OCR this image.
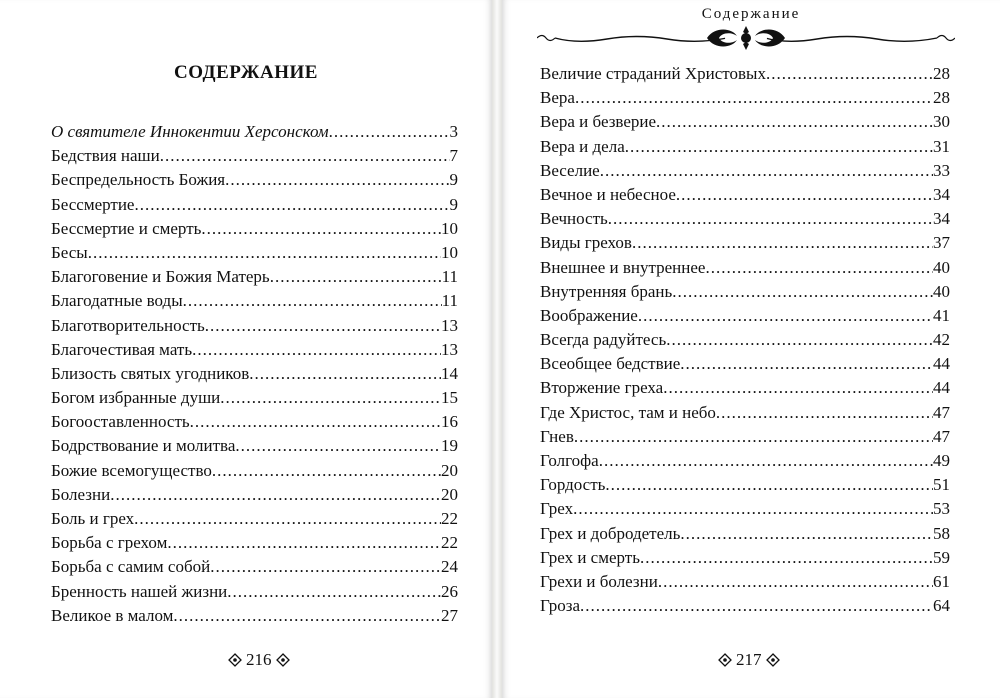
СОДЕРЖАНИЕ
О святителе Иннокентии Херсонском .....	3
Бедствия наши .....	7
Беспредельность Божия .....	9
Бессмертие .....	9
Бессмертие и смерть .....	10
Бесы .....	10
Благоговение и Божия Матерь .....	11
Благодатные воды .....	11
Благотворительность .....	13
Благочестивая мать .....	13
Близость святых угодников .....	14
Богом избранные души .....	15
Богооставленность .....	16
Бодрствование и молитва .....	19
Божие всемогущество .....	20
Болезни .....	20
Боль и грех .....	22
Борьба с грехом .....	22
Борьба с самим собой .....	24
Бренность нашей жизни .....	26
Великое в малом .....	27
Содержание
Величие страданий Христовых .....	28
Вера .....	28
Вера и безверие .....	30
Вера и дела .....	31
Веселие .....	33
Вечное и небесное .....	34
Вечность .....	34
Виды грехов .....	37
Внешнее и внутреннее .....	40
Внутренняя брань .....	40
Воображение .....	41
Всегда радуйтесь .....	42
Всеобщее бедствие .....	44
Вторжение греха .....	44
Где Христос, там и небо .....	47
Гнев .....	47
Голгофа .....	49
Гордость .....	51
Грех .....	53
Грех и добродетель .....	58
Грех и смерть .....	59
Грехи и болезни .....	61
Гроза .....	64
216	217
